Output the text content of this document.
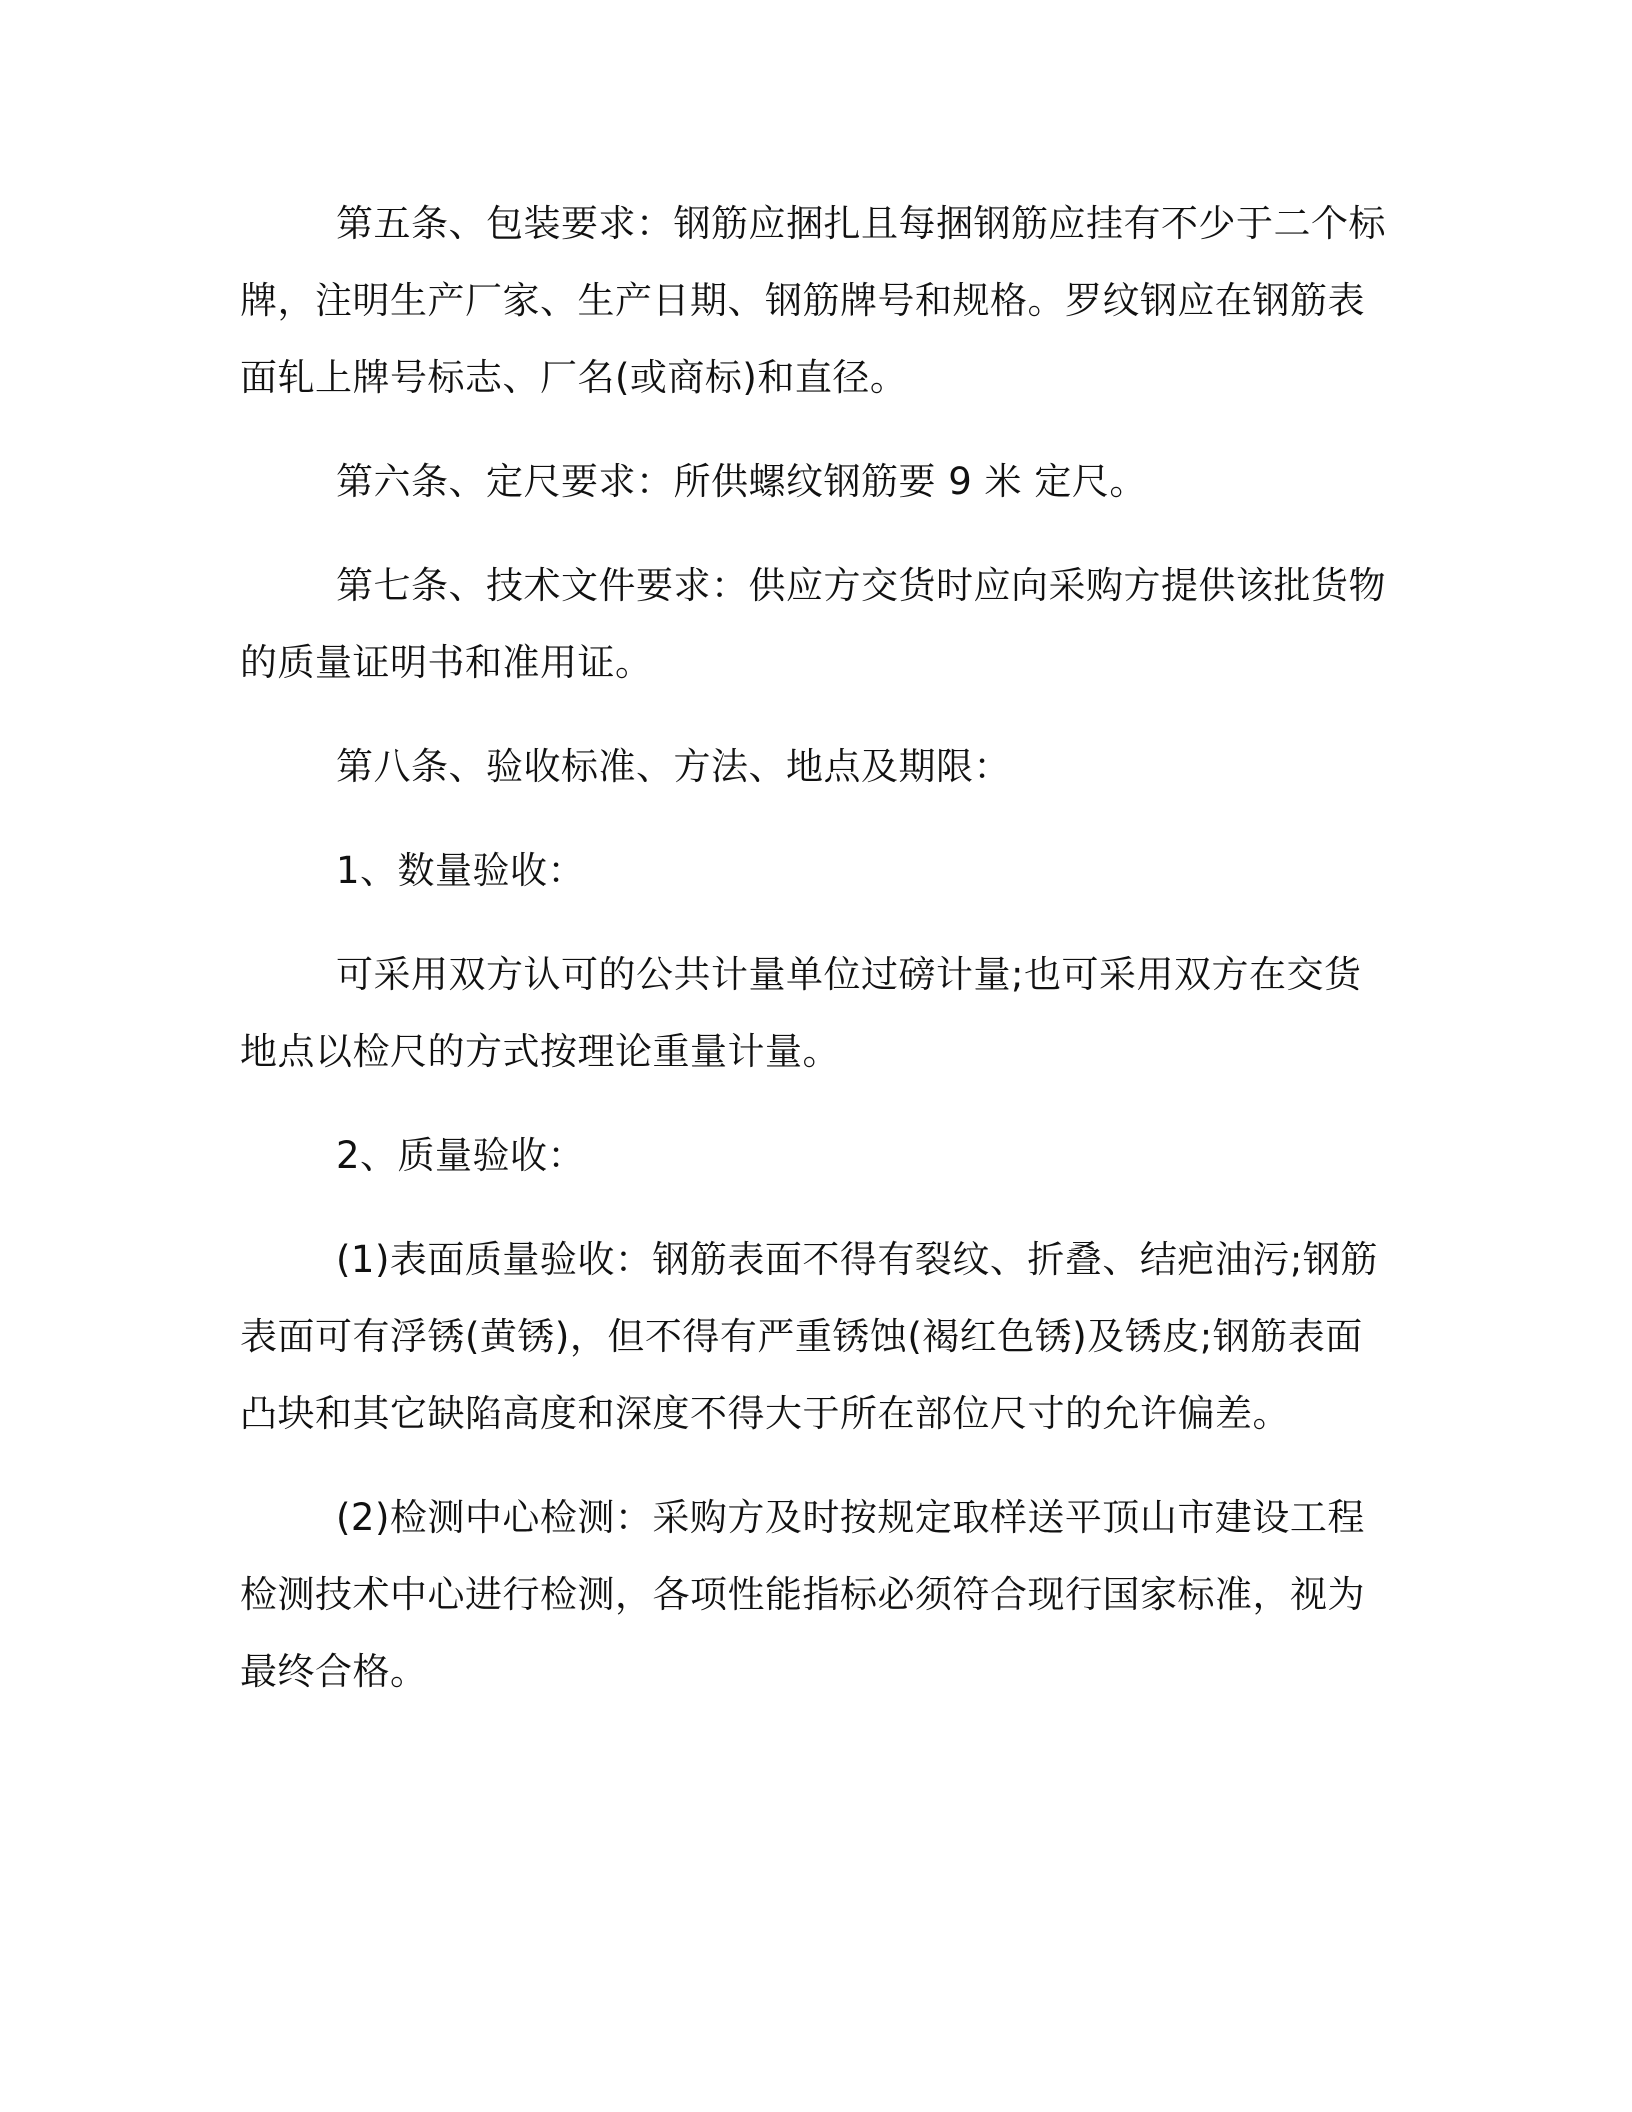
第五条、包装要求：钢筋应捆扎且每捆钢筋应挂有不少于二个标牌，注明生产厂家、生产日期、钢筋牌号和规格。罗纹钢应在钢筋表面轧上牌号标志、厂名(或商标)和直径。

第六条、定尺要求：所供螺纹钢筋要 9 米 定尺。

第七条、技术文件要求：供应方交货时应向采购方提供该批货物的质量证明书和准用证。

第八条、验收标准、方法、地点及期限：

1、数量验收：

可采用双方认可的公共计量单位过磅计量;也可采用双方在交货地点以检尺的方式按理论重量计量。

2、质量验收：

(1)表面质量验收：钢筋表面不得有裂纹、折叠、结疤油污;钢筋表面可有浮锈(黄锈)，但不得有严重锈蚀(褐红色锈)及锈皮;钢筋表面凸块和其它缺陷高度和深度不得大于所在部位尺寸的允许偏差。

(2)检测中心检测：采购方及时按规定取样送平顶山市建设工程检测技术中心进行检测，各项性能指标必须符合现行国家标准，视为最终合格。
